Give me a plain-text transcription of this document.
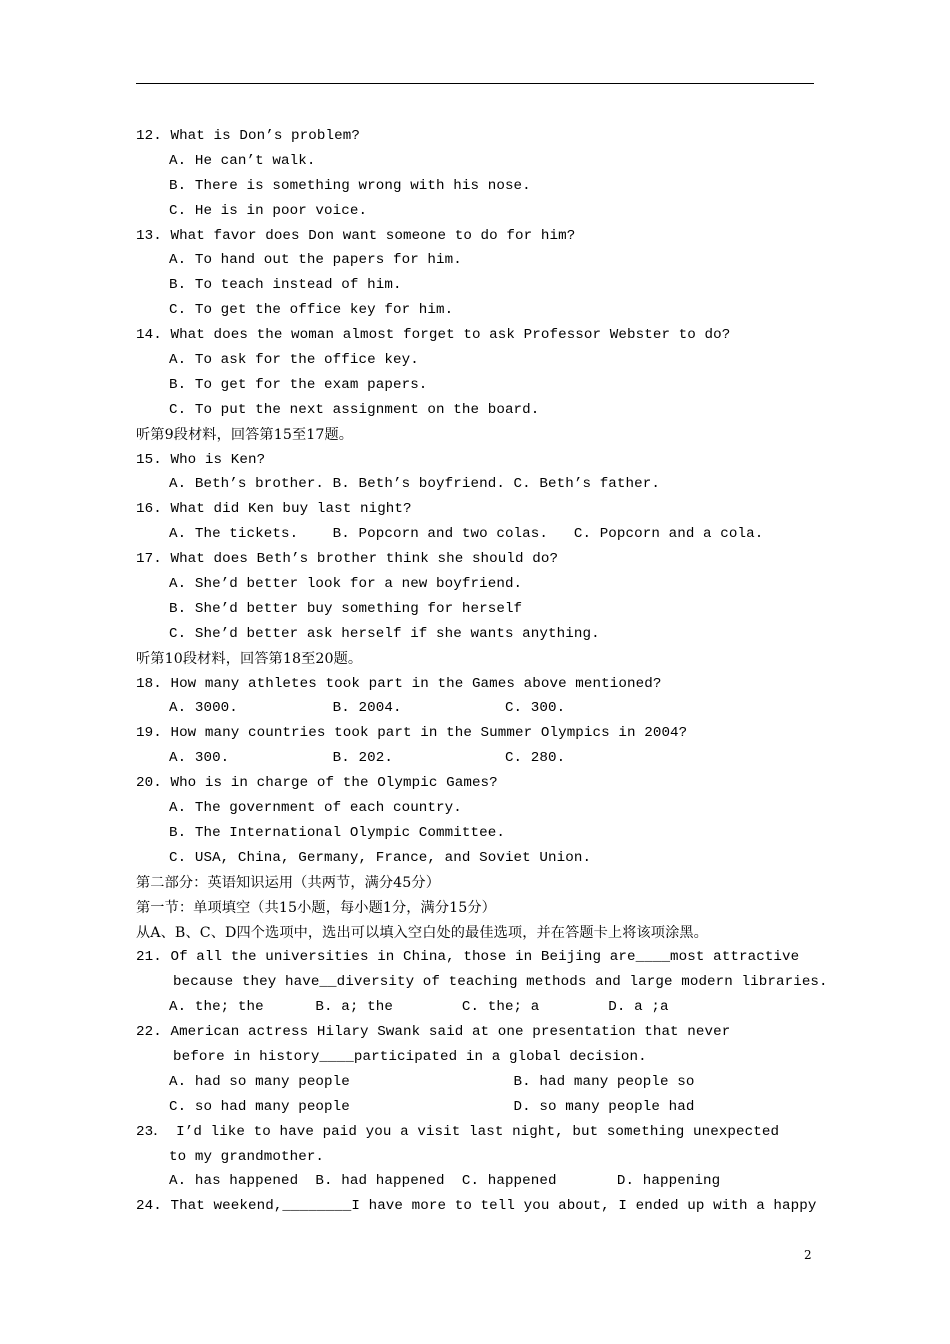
12. What is Don’s problem?
A. He can’t walk.
B. There is something wrong with his nose.
C. He is in poor voice.
13. What favor does Don want someone to do for him?
A. To hand out the papers for him.
B. To teach instead of him.
C. To get the office key for him.
14. What does the woman almost forget to ask Professor Webster to do?
A. To ask for the office key.
B. To get for the exam papers.
C. To put the next assignment on the board.
听第9段材料，回答第15至17题。
15. Who is Ken?
A. Beth’s brother. B. Beth’s boyfriend. C. Beth’s father.
16. What did Ken buy last night?
A. The tickets.    B. Popcorn and two colas.   C. Popcorn and a cola.
17. What does Beth’s brother think she should do?
A. She’d better look for a new boyfriend.
B. She’d better buy something for herself
C. She’d better ask herself if she wants anything.
听第10段材料，回答第18至20题。
18. How many athletes took part in the Games above mentioned?
A. 3000.           B. 2004.            C. 300.
19. How many countries took part in the Summer Olympics in 2004?
A. 300.            B. 202.             C. 280.
20. Who is in charge of the Olympic Games?
A. The government of each country.
B. The International Olympic Committee.
C. USA, China, Germany, France, and Soviet Union.
第二部分：英语知识运用（共两节，满分45分）
第一节：单项填空（共15小题，每小题1分，满分15分）
从A、B、C、D四个选项中，选出可以填入空白处的最佳选项，并在答题卡上将该项涂黑。
21. Of all the universities in China, those in Beijing are____most attractive
because they have__diversity of teaching methods and large modern libraries.
A. the; the      B. a; the        C. the; a        D. a ;a
22. American actress Hilary Swank said at one presentation that never
before in history____participated in a global decision.
A. had so many people                   B. had many people so
C. so had many people                   D. so many people had
23． I’d like to have paid you a visit last night, but something unexpected
to my grandmother.
A. has happened  B. had happened  C. happened       D. happening
24. That weekend,________I have more to tell you about, I ended up with a happy
2
